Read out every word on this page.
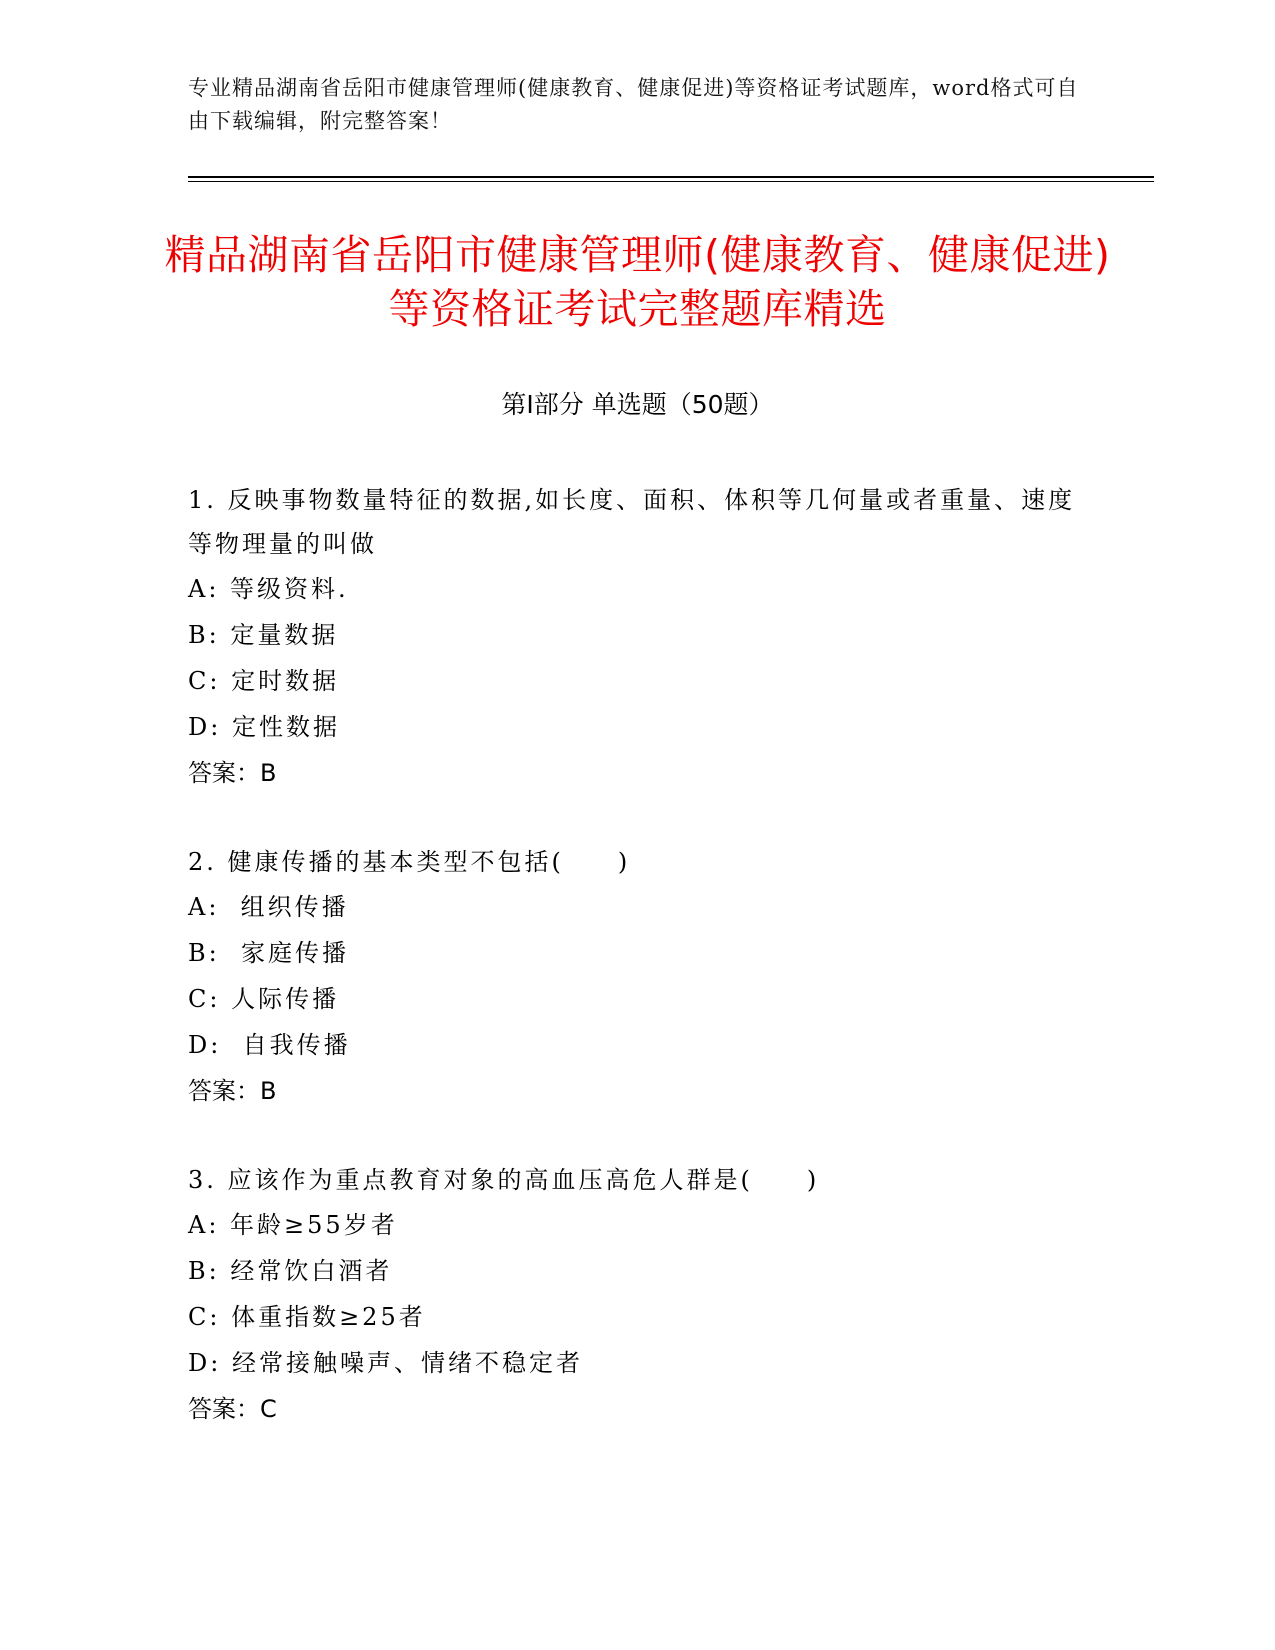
专业精品湖南省岳阳市健康管理师(健康教育、健康促进)等资格证考试题库，word格式可自由下载编辑，附完整答案！
精品湖南省岳阳市健康管理师(健康教育、健康促进)等资格证考试完整题库精选
第Ⅰ部分 单选题（50题）
1. 反映事物数量特征的数据,如长度、面积、体积等几何量或者重量、速度等物理量的叫做
A: 等级资料.
B: 定量数据
C: 定时数据
D: 定性数据
答案：B
2. 健康传播的基本类型不包括(　　)
A:  组织传播
B:  家庭传播
C: 人际传播
D:  自我传播
答案：B
3. 应该作为重点教育对象的高血压高危人群是(　　)
A: 年龄≥55岁者
B: 经常饮白酒者
C: 体重指数≥25者
D: 经常接触噪声、情绪不稳定者
答案：C
